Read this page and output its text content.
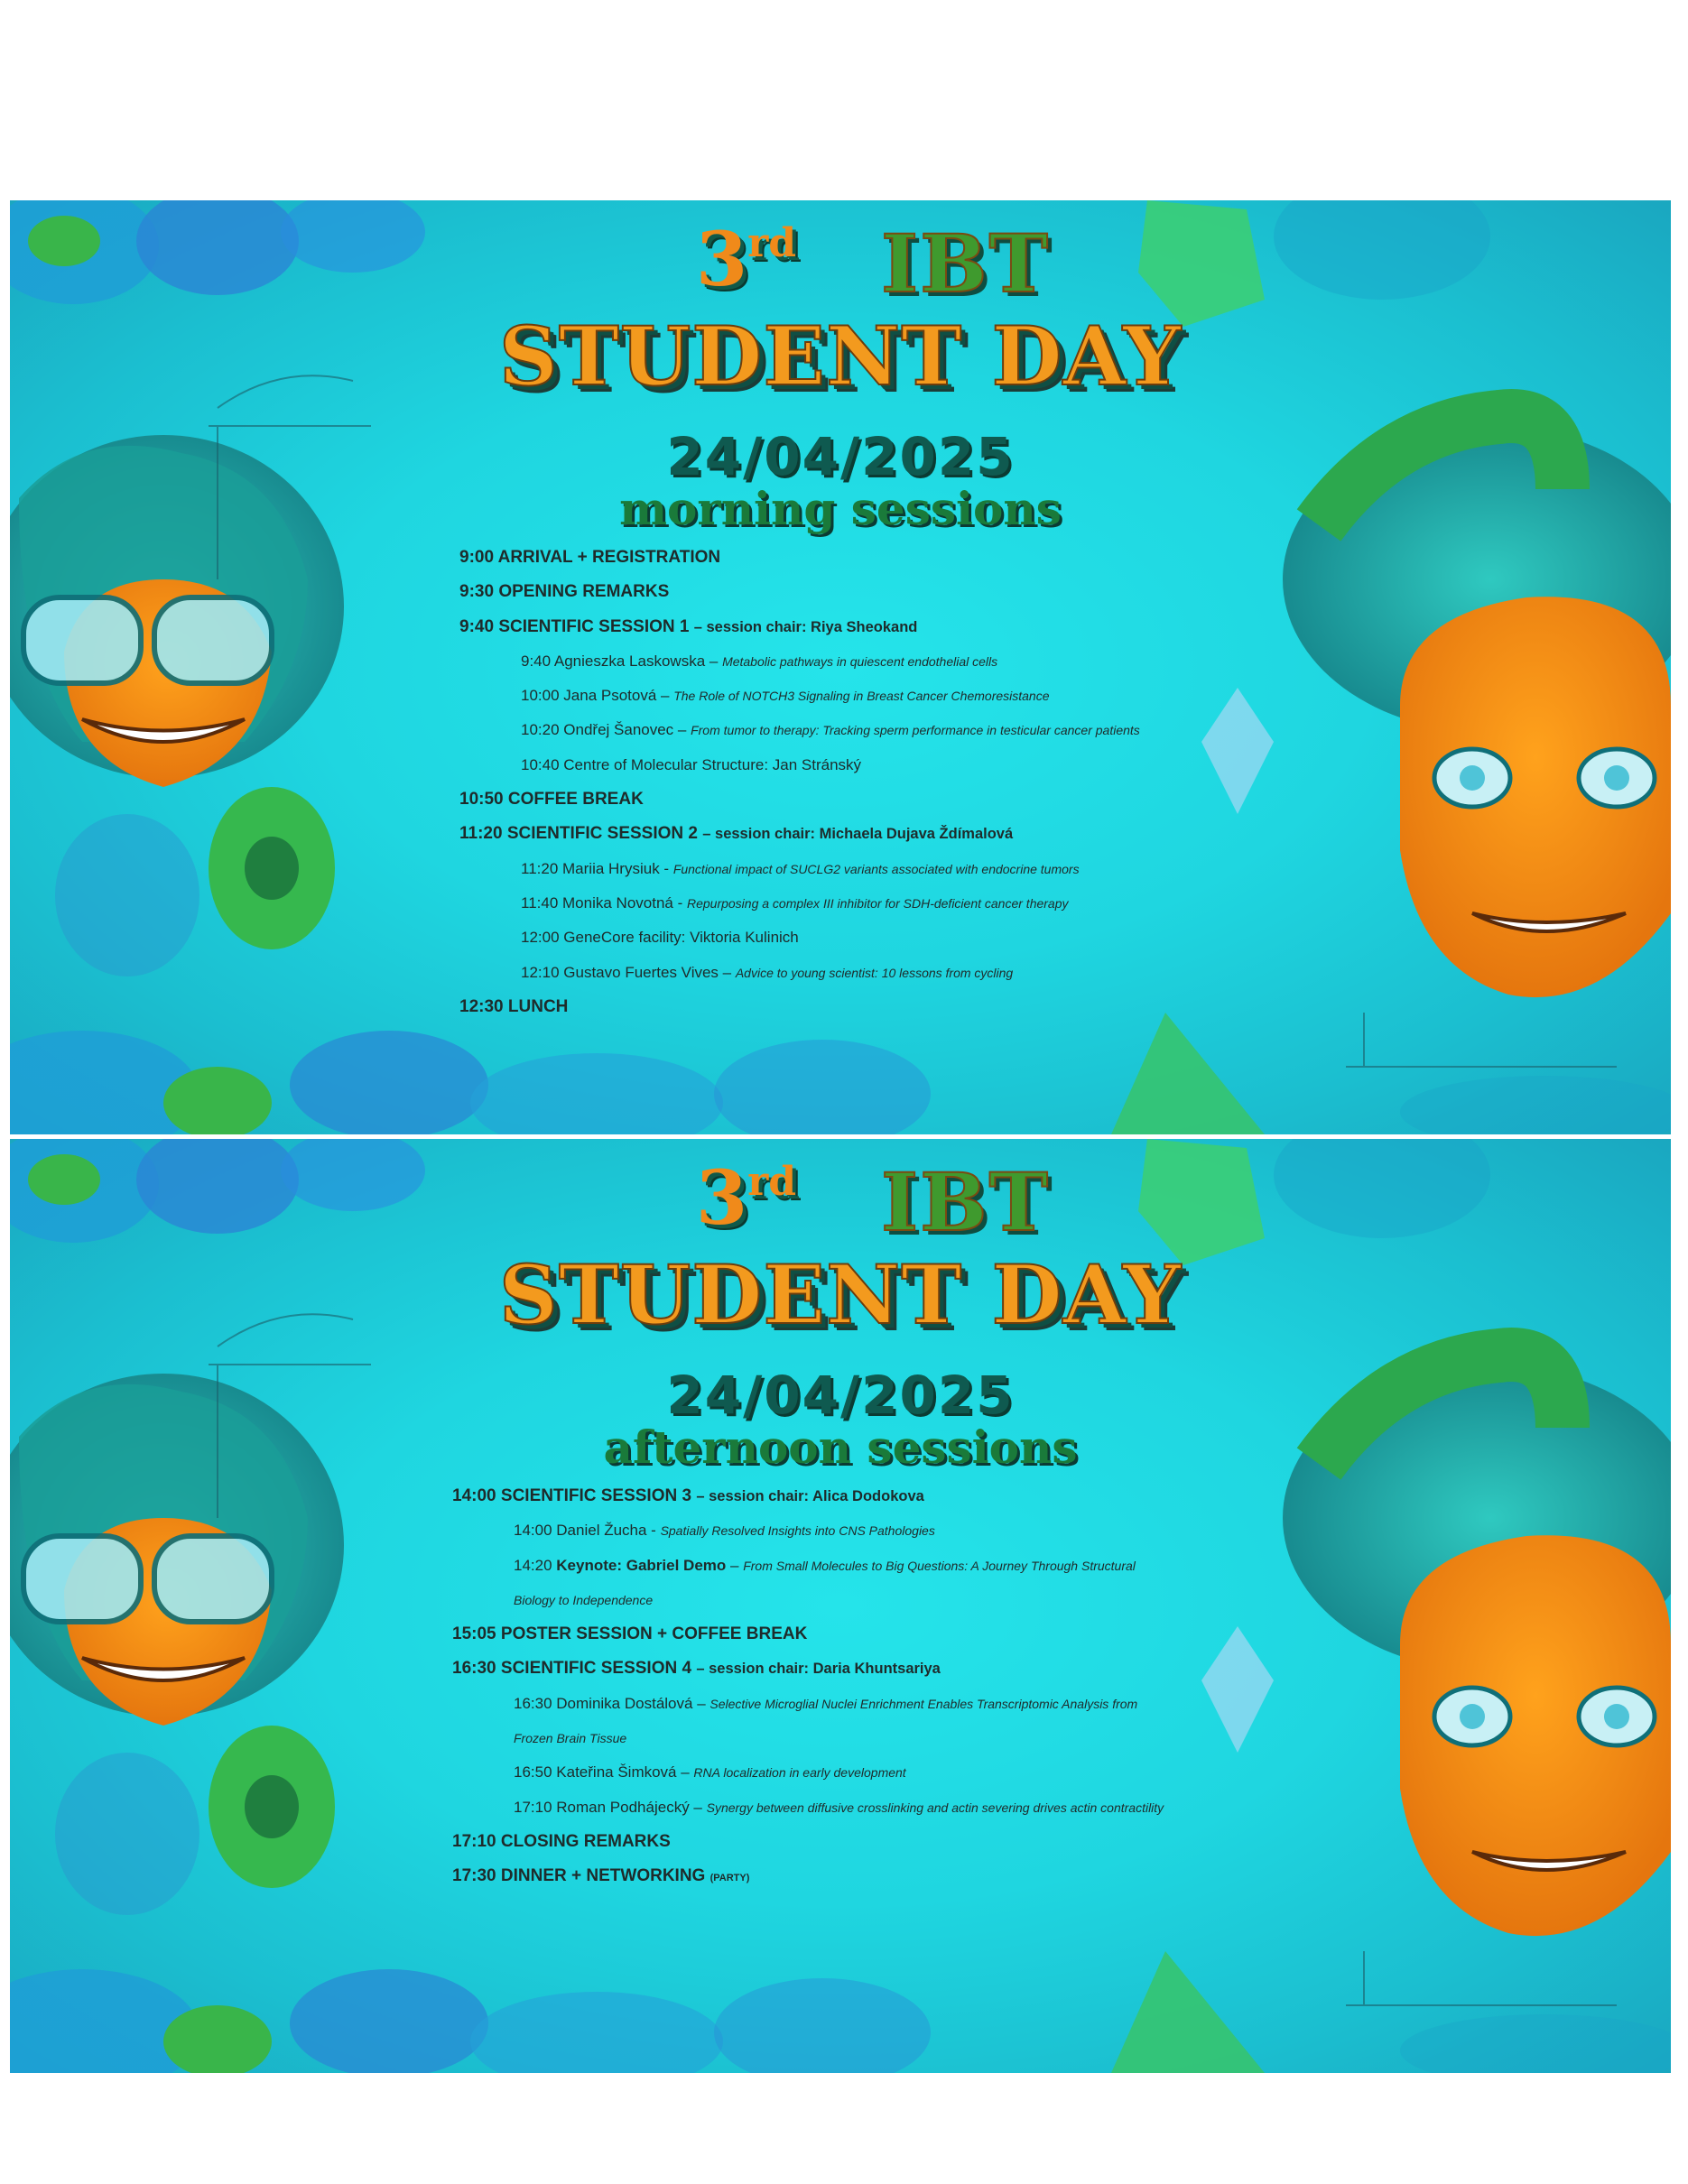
3rd IBT
STUDENT DAY
24/04/2025
morning sessions
9:00 ARRIVAL + REGISTRATION
9:30 OPENING REMARKS
9:40 SCIENTIFIC SESSION 1 – session chair: Riya Sheokand
9:40 Agnieszka Laskowska – Metabolic pathways in quiescent endothelial cells
10:00 Jana Psotová – The Role of NOTCH3 Signaling in Breast Cancer Chemoresistance
10:20 Ondřej Šanovec – From tumor to therapy: Tracking sperm performance in testicular cancer patients
10:40 Centre of Molecular Structure: Jan Stránský
10:50 COFFEE BREAK
11:20 SCIENTIFIC SESSION 2 – session chair: Michaela Dujava Ždímalová
11:20 Mariia Hrysiuk - Functional impact of SUCLG2 variants associated with endocrine tumors
11:40 Monika Novotná - Repurposing a complex III inhibitor for SDH-deficient cancer therapy
12:00 GeneCore facility: Viktoria Kulinich
12:10 Gustavo Fuertes Vives – Advice to young scientist: 10 lessons from cycling
12:30 LUNCH
3rd IBT
STUDENT DAY
24/04/2025
afternoon sessions
14:00 SCIENTIFIC SESSION 3 – session chair: Alica Dodokova
14:00 Daniel Žucha - Spatially Resolved Insights into CNS Pathologies
14:20 Keynote: Gabriel Demo – From Small Molecules to Big Questions: A Journey Through Structural
Biology to Independence
15:05 POSTER SESSION + COFFEE BREAK
16:30 SCIENTIFIC SESSION 4 – session chair: Daria Khuntsariya
16:30 Dominika Dostálová – Selective Microglial Nuclei Enrichment Enables Transcriptomic Analysis from
Frozen Brain Tissue
16:50 Kateřina Šimková – RNA localization in early development
17:10 Roman Podhájecký – Synergy between diffusive crosslinking and actin severing drives actin contractility
17:10 CLOSING REMARKS
17:30 DINNER + NETWORKING (PARTY)
